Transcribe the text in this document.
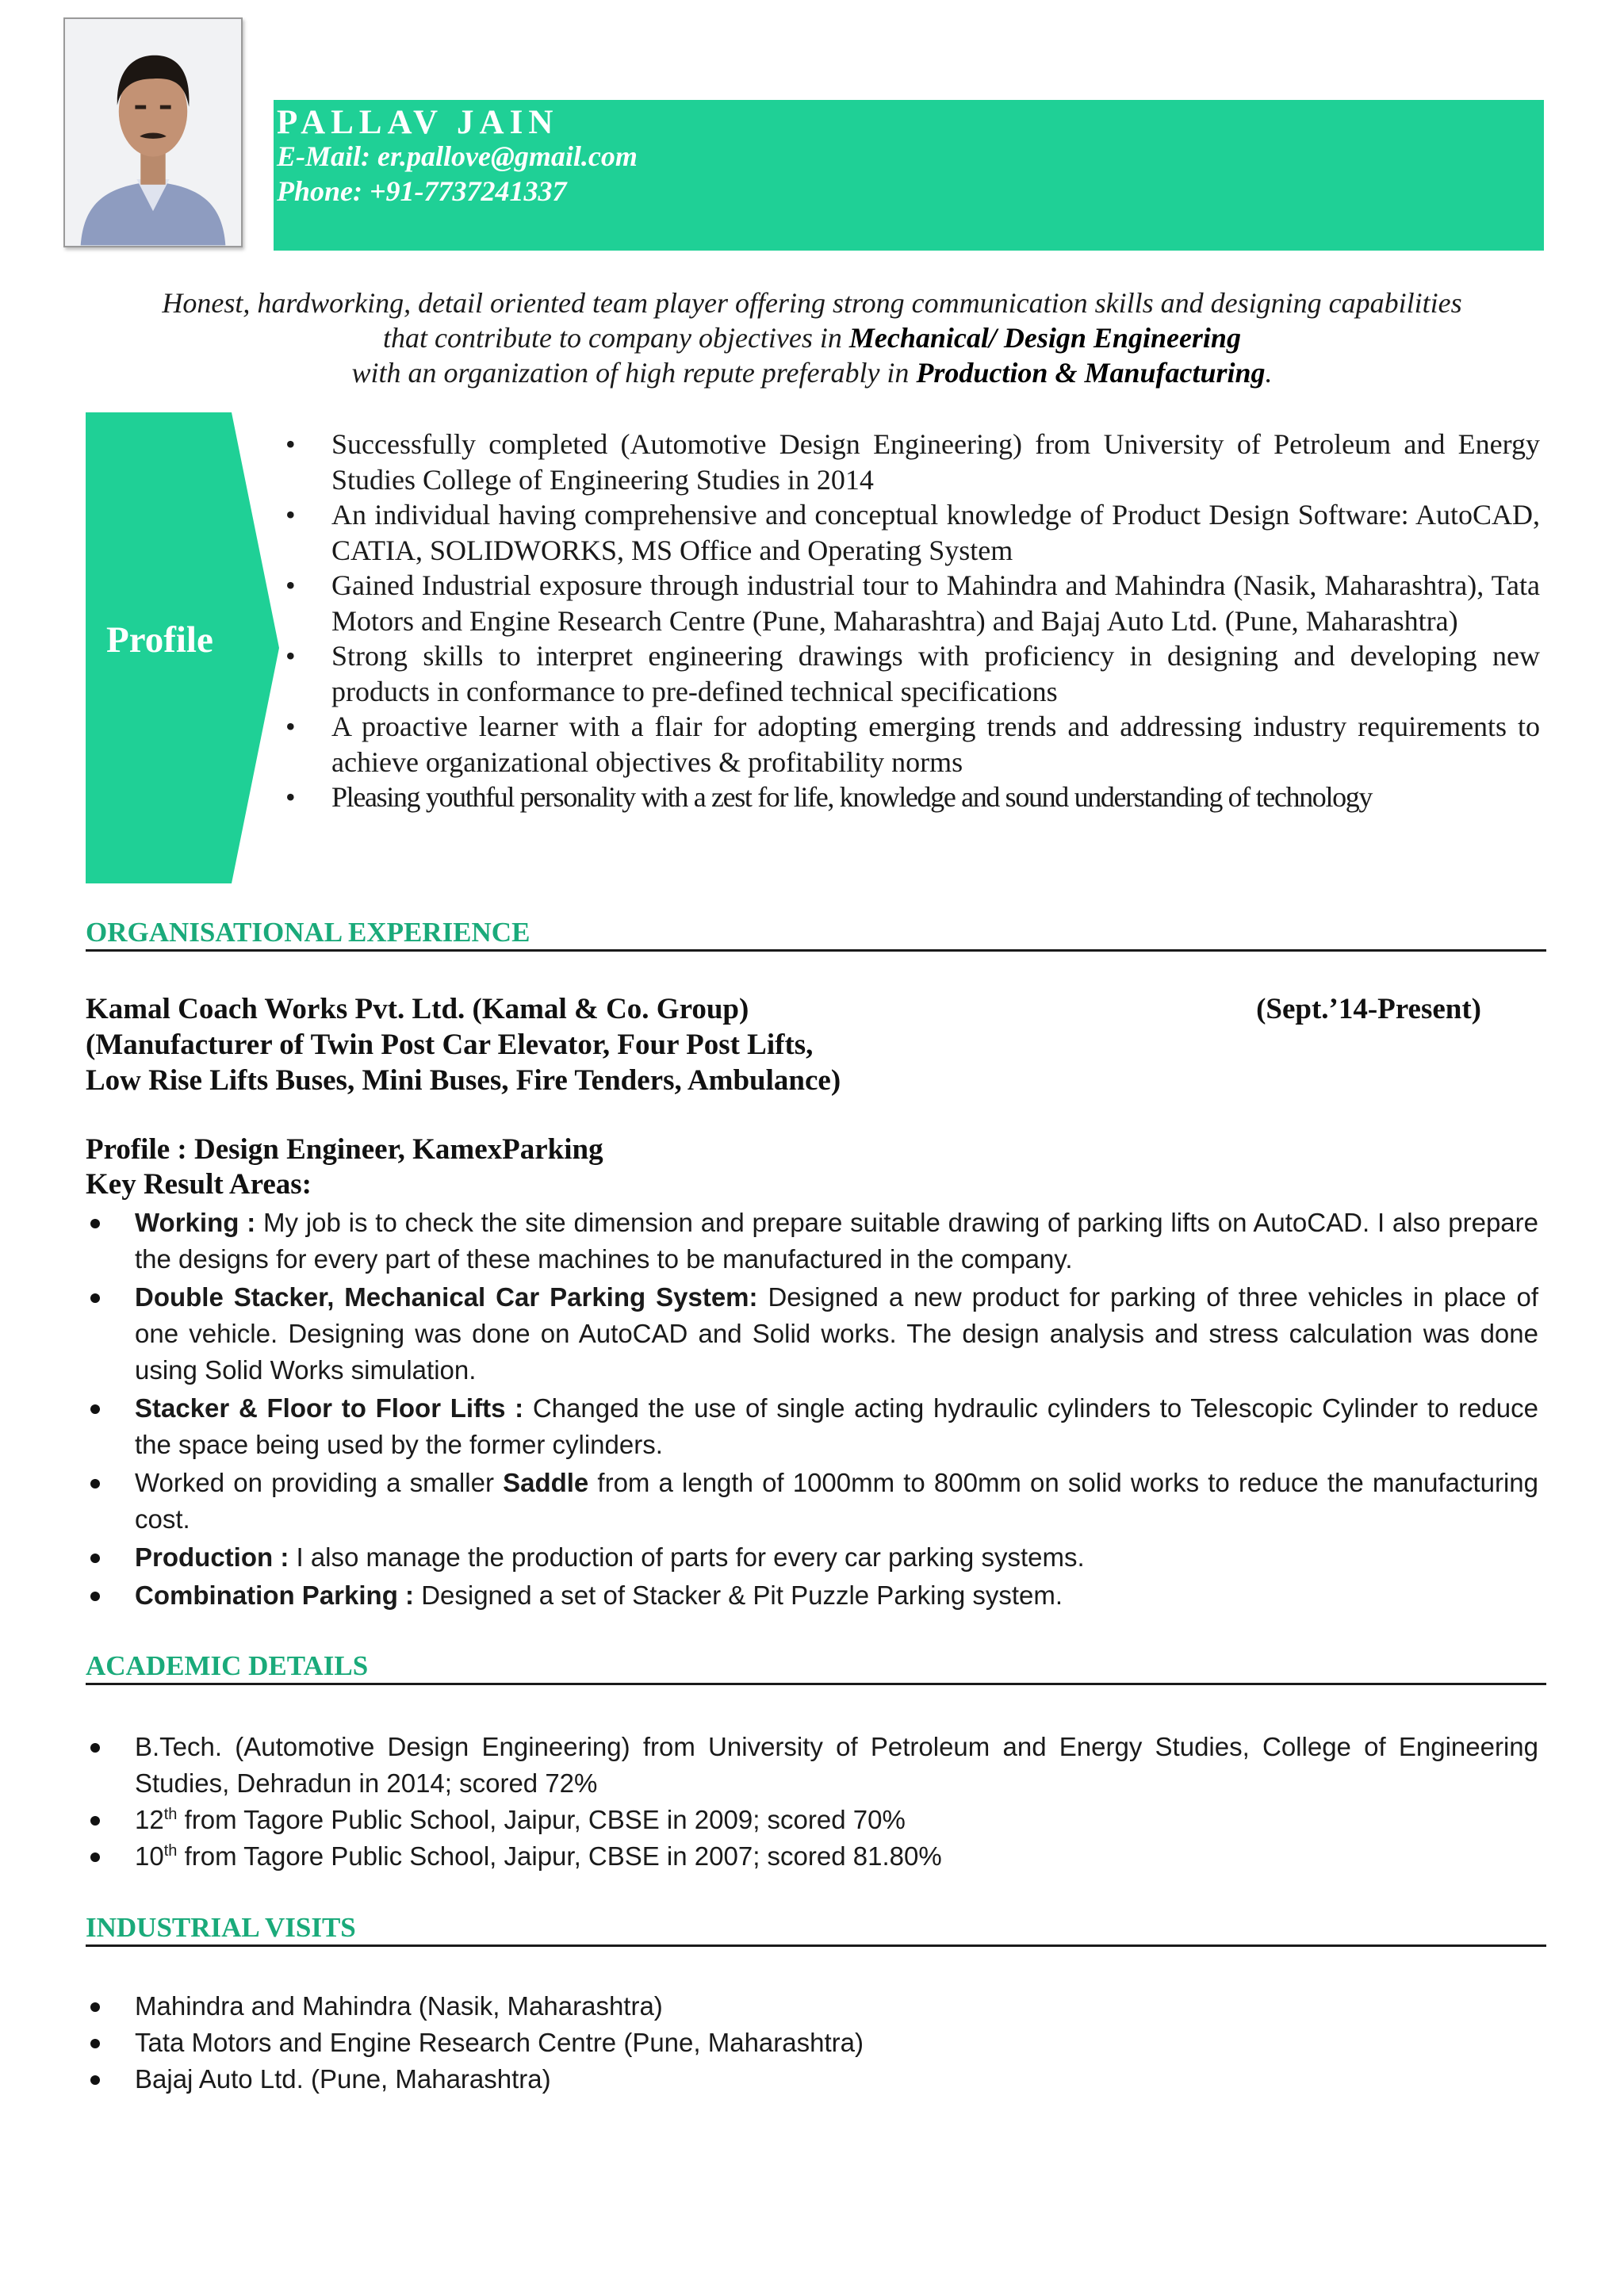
PALLAV JAIN
E-Mail: er.pallove@gmail.com
Phone: +91-7737241337
Honest, hardworking, detail oriented team player offering strong communication skills and designing capabilities
that contribute to company objectives in Mechanical/ Design Engineering
with an organization of high repute preferably in Production & Manufacturing.
Profile
• Successfully completed (Automotive Design Engineering) from University of Petroleum and Energy Studies College of Engineering Studies in 2014
• An individual having comprehensive and conceptual knowledge of Product Design Software: AutoCAD, CATIA, SOLIDWORKS, MS Office and Operating System
• Gained Industrial exposure through industrial tour to Mahindra and Mahindra (Nasik, Maharashtra), Tata Motors and Engine Research Centre (Pune, Maharashtra) and Bajaj Auto Ltd. (Pune, Maharashtra)
• Strong skills to interpret engineering drawings with proficiency in designing and developing new products in conformance to pre-defined technical specifications
• A proactive learner with a flair for adopting emerging trends and addressing industry requirements to achieve organizational objectives & profitability norms
• Pleasing youthful personality with a zest for life, knowledge and sound understanding of technology
ORGANISATIONAL EXPERIENCE
Kamal Coach Works Pvt. Ltd. (Kamal & Co. Group)	(Sept.’14-Present)
(Manufacturer of Twin Post Car Elevator, Four Post Lifts,
Low Rise Lifts Buses, Mini Buses, Fire Tenders, Ambulance)
Profile : Design Engineer, KamexParking
Key Result Areas:
Working : My job is to check the site dimension and prepare suitable drawing of parking lifts on AutoCAD. I also prepare the designs for every part of these machines to be manufactured in the company.
Double Stacker, Mechanical Car Parking System: Designed a new product for parking of three vehicles in place of one vehicle. Designing was done on AutoCAD and Solid works. The design analysis and stress calculation was done using Solid Works simulation.
Stacker & Floor to Floor Lifts : Changed the use of single acting hydraulic cylinders to Telescopic Cylinder to reduce the space being used by the former cylinders.
Worked on providing a smaller Saddle from a length of 1000mm to 800mm on solid works to reduce the manufacturing cost.
Production : I also manage the production of parts for every car parking systems.
Combination Parking : Designed a set of Stacker & Pit Puzzle Parking system.
ACADEMIC DETAILS
B.Tech. (Automotive Design Engineering) from University of Petroleum and Energy Studies, College of Engineering Studies, Dehradun in 2014; scored 72%
12th from Tagore Public School, Jaipur, CBSE in 2009; scored 70%
10th from Tagore Public School, Jaipur, CBSE in 2007; scored 81.80%
INDUSTRIAL VISITS
Mahindra and Mahindra (Nasik, Maharashtra)
Tata Motors and Engine Research Centre (Pune, Maharashtra)
Bajaj Auto Ltd. (Pune, Maharashtra)
